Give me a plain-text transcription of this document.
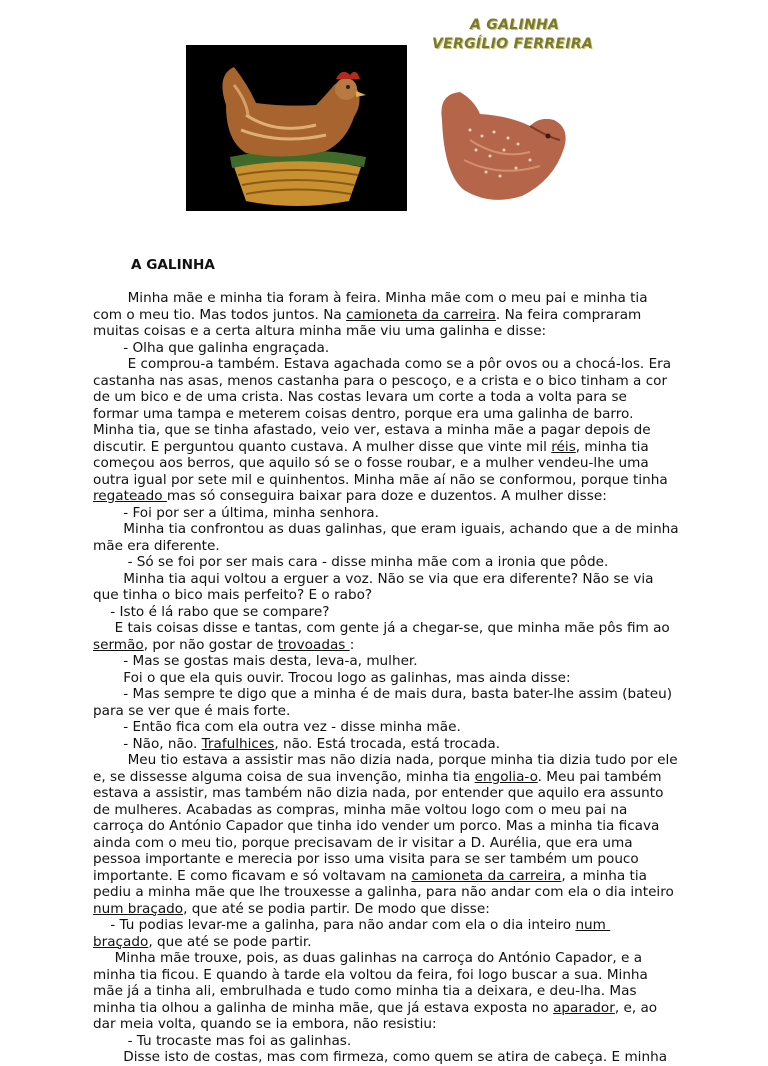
A GALINHA
VERGÍLIO FERREIRA

A GALINHA

Minha mãe e minha tia foram à feira. Minha mãe com o meu pai e minha tia
com o meu tio. Mas todos juntos. Na camioneta da carreira. Na feira compraram
muitas coisas e a certa altura minha mãe viu uma galinha e disse:
- Olha que galinha engraçada.
E comprou-a também. Estava agachada como se a pôr ovos ou a chocá-los. Era
castanha nas asas, menos castanha para o pescoço, e a crista e o bico tinham a cor
de um bico e de uma crista. Nas costas levara um corte a toda a volta para se
formar uma tampa e meterem coisas dentro, porque era uma galinha de barro.
Minha tia, que se tinha afastado, veio ver, estava a minha mãe a pagar depois de
discutir. E perguntou quanto custava. A mulher disse que vinte mil réis, minha tia
começou aos berros, que aquilo só se o fosse roubar, e a mulher vendeu-lhe uma
outra igual por sete mil e quinhentos. Minha mãe aí não se conformou, porque tinha
regateado mas só conseguira baixar para doze e duzentos. A mulher disse:
- Foi por ser a última, minha senhora.
Minha tia confrontou as duas galinhas, que eram iguais, achando que a de minha
mãe era diferente.
- Só se foi por ser mais cara - disse minha mãe com a ironia que pôde.
Minha tia aqui voltou a erguer a voz. Não se via que era diferente? Não se via
que tinha o bico mais perfeito? E o rabo?
- Isto é lá rabo que se compare?
E tais coisas disse e tantas, com gente já a chegar-se, que minha mãe pôs fim ao
sermão, por não gostar de trovoadas :
- Mas se gostas mais desta, leva-a, mulher.
Foi o que ela quis ouvir. Trocou logo as galinhas, mas ainda disse:
- Mas sempre te digo que a minha é de mais dura, basta bater-lhe assim (bateu)
para se ver que é mais forte.
- Então fica com ela outra vez - disse minha mãe.
- Não, não. Trafulhices, não. Está trocada, está trocada.
Meu tio estava a assistir mas não dizia nada, porque minha tia dizia tudo por ele
e, se dissesse alguma coisa de sua invenção, minha tia engolia-o. Meu pai também
estava a assistir, mas também não dizia nada, por entender que aquilo era assunto
de mulheres. Acabadas as compras, minha mãe voltou logo com o meu pai na
carroça do António Capador que tinha ido vender um porco. Mas a minha tia ficava
ainda com o meu tio, porque precisavam de ir visitar a D. Aurélia, que era uma
pessoa importante e merecia por isso uma visita para se ser também um pouco
importante. E como ficavam e só voltavam na camioneta da carreira, a minha tia
pediu a minha mãe que lhe trouxesse a galinha, para não andar com ela o dia inteiro
num braçado, que até se podia partir. De modo que disse:
- Tu podias levar-me a galinha, para não andar com ela o dia inteiro num
braçado, que até se pode partir.
Minha mãe trouxe, pois, as duas galinhas na carroça do António Capador, e a
minha tia ficou. E quando à tarde ela voltou da feira, foi logo buscar a sua. Minha
mãe já a tinha ali, embrulhada e tudo como minha tia a deixara, e deu-lha. Mas
minha tia olhou a galinha de minha mãe, que já estava exposta no aparador, e, ao
dar meia volta, quando se ia embora, não resistiu:
- Tu trocaste mas foi as galinhas.
Disse isto de costas, mas com firmeza, como quem se atira de cabeça. E minha
